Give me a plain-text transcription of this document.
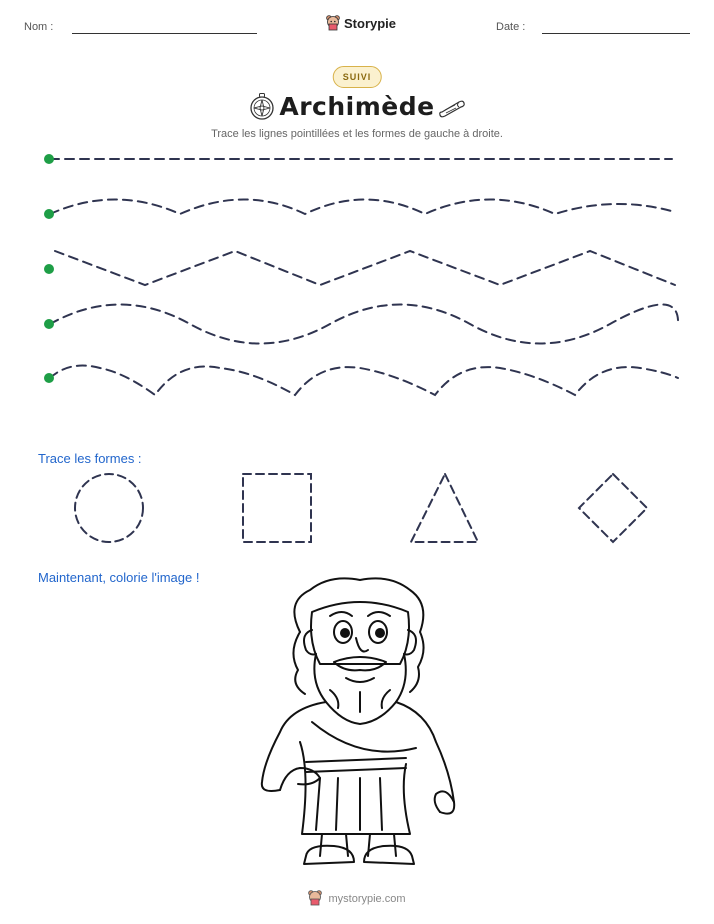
Nom :	Storypie	Date :
SUIVI
Archimède
Trace les lignes pointillées et les formes de gauche à droite.
Trace les formes :
Maintenant, colorie l'image !
mystorypie.com
